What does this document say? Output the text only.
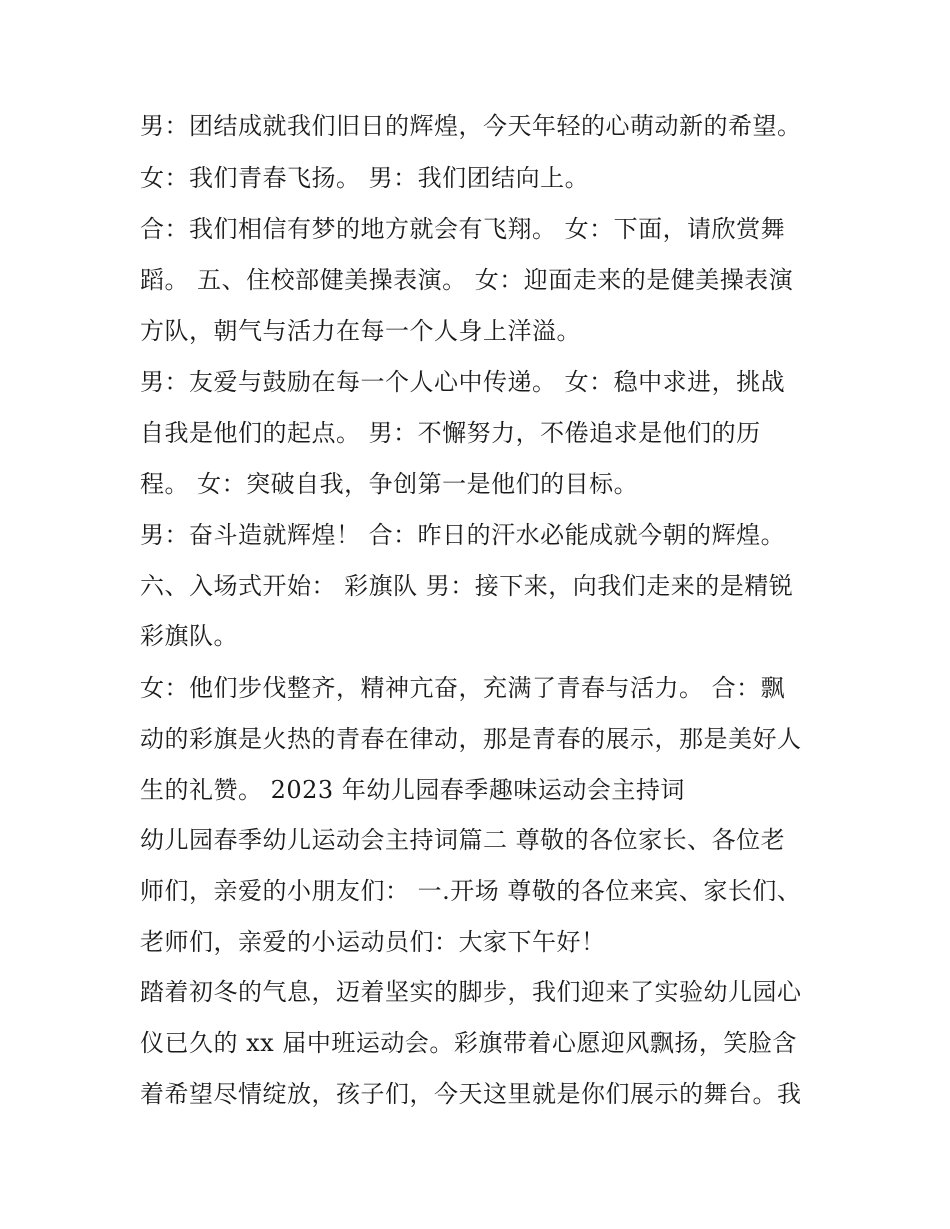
男：团结成就我们旧日的辉煌，今天年轻的心萌动新的希望。
女：我们青春飞扬。 男：我们团结向上。
合：我们相信有梦的地方就会有飞翔。 女：下面，请欣赏舞
蹈。 五、住校部健美操表演。 女：迎面走来的是健美操表演
方队，朝气与活力在每一个人身上洋溢。
男：友爱与鼓励在每一个人心中传递。 女：稳中求进，挑战
自我是他们的起点。 男：不懈努力，不倦追求是他们的历
程。 女：突破自我，争创第一是他们的目标。
男：奋斗造就辉煌！ 合：昨日的汗水必能成就今朝的辉煌。
六、入场式开始： 彩旗队 男：接下来，向我们走来的是精锐
彩旗队。
女：他们步伐整齐，精神亢奋，充满了青春与活力。 合：飘
动的彩旗是火热的青春在律动，那是青春的展示，那是美好人
生的礼赞。 2023 年幼儿园春季趣味运动会主持词
幼儿园春季幼儿运动会主持词篇二 尊敬的各位家长、各位老
师们，亲爱的小朋友们： 一.开场 尊敬的各位来宾、家长们、
老师们，亲爱的小运动员们：大家下午好！
踏着初冬的气息，迈着坚实的脚步，我们迎来了实验幼儿园心
仪已久的 xx 届中班运动会。彩旗带着心愿迎风飘扬，笑脸含
着希望尽情绽放，孩子们，今天这里就是你们展示的舞台。我
